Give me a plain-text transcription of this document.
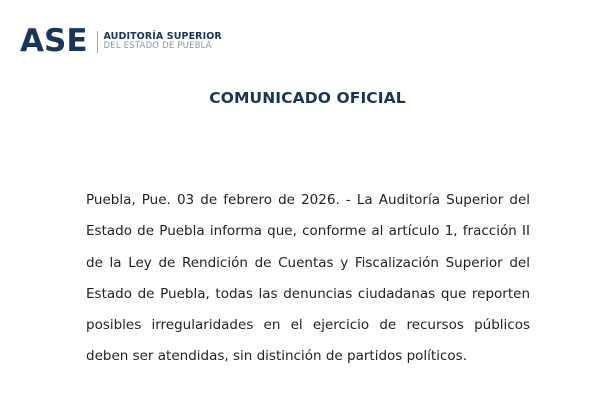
ASE AUDITORÍA SUPERIOR
DEL ESTADO DE PUEBLA
COMUNICADO OFICIAL

Puebla, Pue. 03 de febrero de 2026. - La Auditoría Superior del Estado de Puebla informa que, conforme al artículo 1, fracción II de la Ley de Rendición de Cuentas y Fiscalización Superior del Estado de Puebla, todas las denuncias ciudadanas que reporten posibles irregularidades en el ejercicio de recursos públicos deben ser atendidas, sin distinción de partidos políticos.
